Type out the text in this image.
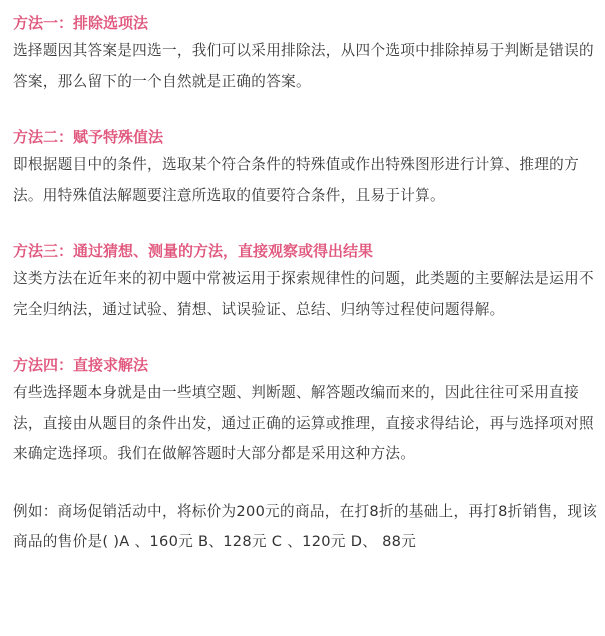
方法一：排除选项法
选择题因其答案是四选一，我们可以采用排除法，从四个选项中排除掉易于判断是错误的答案，那么留下的一个自然就是正确的答案。
方法二：赋予特殊值法
即根据题目中的条件，选取某个符合条件的特殊值或作出特殊图形进行计算、推理的方法。用特殊值法解题要注意所选取的值要符合条件，且易于计算。
方法三：通过猜想、测量的方法，直接观察或得出结果
这类方法在近年来的初中题中常被运用于探索规律性的问题，此类题的主要解法是运用不完全归纳法，通过试验、猜想、试误验证、总结、归纳等过程使问题得解。
方法四：直接求解法
有些选择题本身就是由一些填空题、判断题、解答题改编而来的，因此往往可采用直接法，直接由从题目的条件出发，通过正确的运算或推理，直接求得结论，再与选择项对照来确定选择项。我们在做解答题时大部分都是采用这种方法。
例如：商场促销活动中，将标价为200元的商品，在打8折的基础上，再打8折销售，现该商品的售价是( )A 、160元 B、128元 C 、120元 D、 88元
